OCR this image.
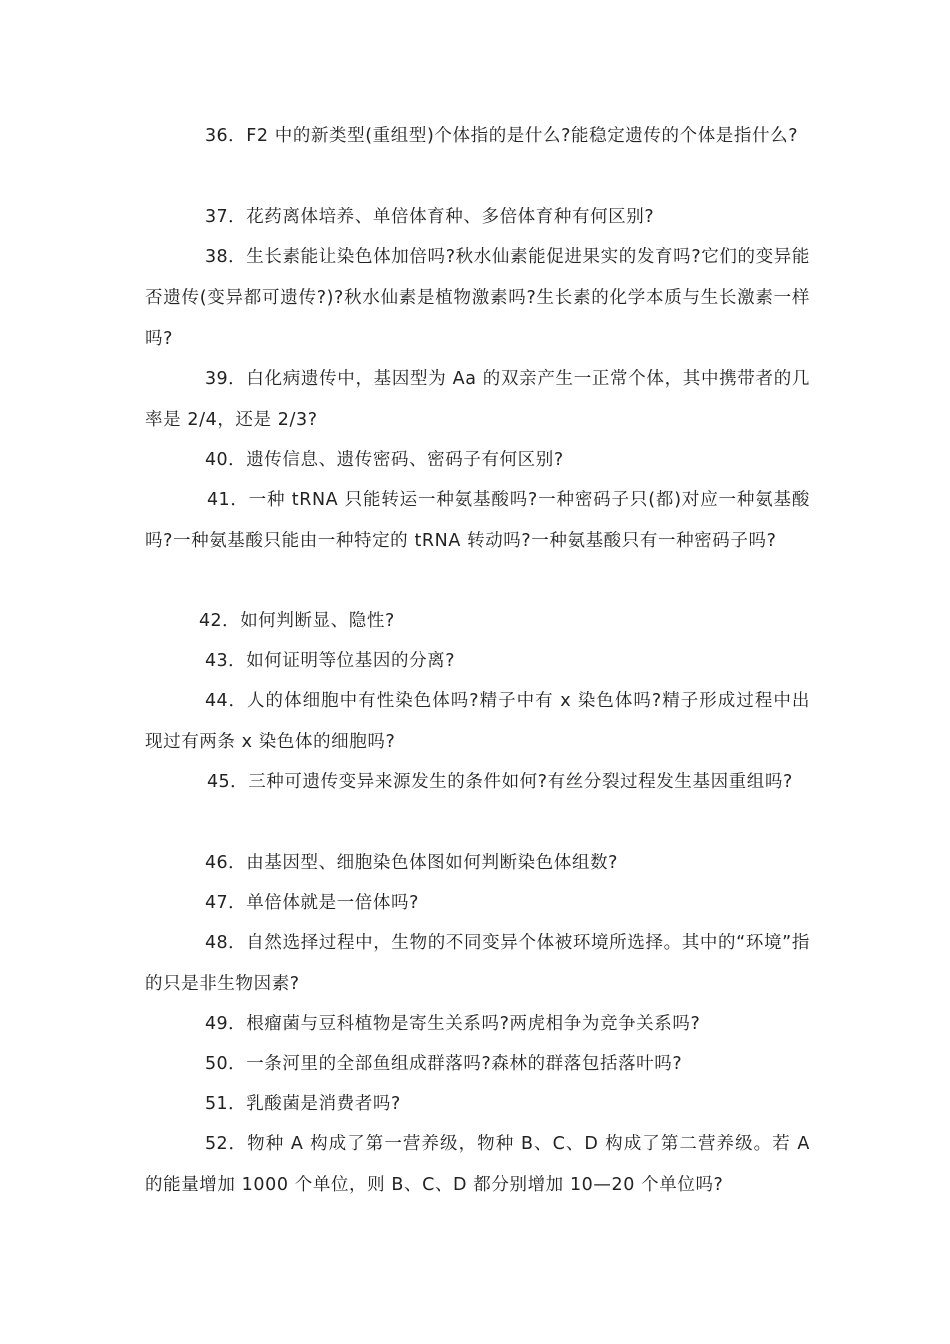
36．F2 中的新类型(重组型)个体指的是什么?能稳定遗传的个体是指什么?

37．花药离体培养、单倍体育种、多倍体育种有何区别?

38．生长素能让染色体加倍吗?秋水仙素能促进果实的发育吗?它们的变异能否遗传(变异都可遗传?)?秋水仙素是植物激素吗?生长素的化学本质与生长激素一样吗?

39．白化病遗传中，基因型为 Aa 的双亲产生一正常个体，其中携带者的几率是 2/4，还是 2/3?

40．遗传信息、遗传密码、密码子有何区别?

41．一种 tRNA 只能转运一种氨基酸吗?一种密码子只(都)对应一种氨基酸吗?一种氨基酸只能由一种特定的 tRNA 转动吗?一种氨基酸只有一种密码子吗?

42．如何判断显、隐性?

43．如何证明等位基因的分离?

44．人的体细胞中有性染色体吗?精子中有 x 染色体吗?精子形成过程中出现过有两条 x 染色体的细胞吗?

45．三种可遗传变异来源发生的条件如何?有丝分裂过程发生基因重组吗?

46．由基因型、细胞染色体图如何判断染色体组数?

47．单倍体就是一倍体吗?

48．自然选择过程中，生物的不同变异个体被环境所选择。其中的“环境”指的只是非生物因素?

49．根瘤菌与豆科植物是寄生关系吗?两虎相争为竞争关系吗?

50．一条河里的全部鱼组成群落吗?森林的群落包括落叶吗?

51．乳酸菌是消费者吗?

52．物种 A 构成了第一营养级，物种 B、C、D 构成了第二营养级。若 A 的能量增加 1000 个单位，则 B、C、D 都分别增加 10—20 个单位吗?
